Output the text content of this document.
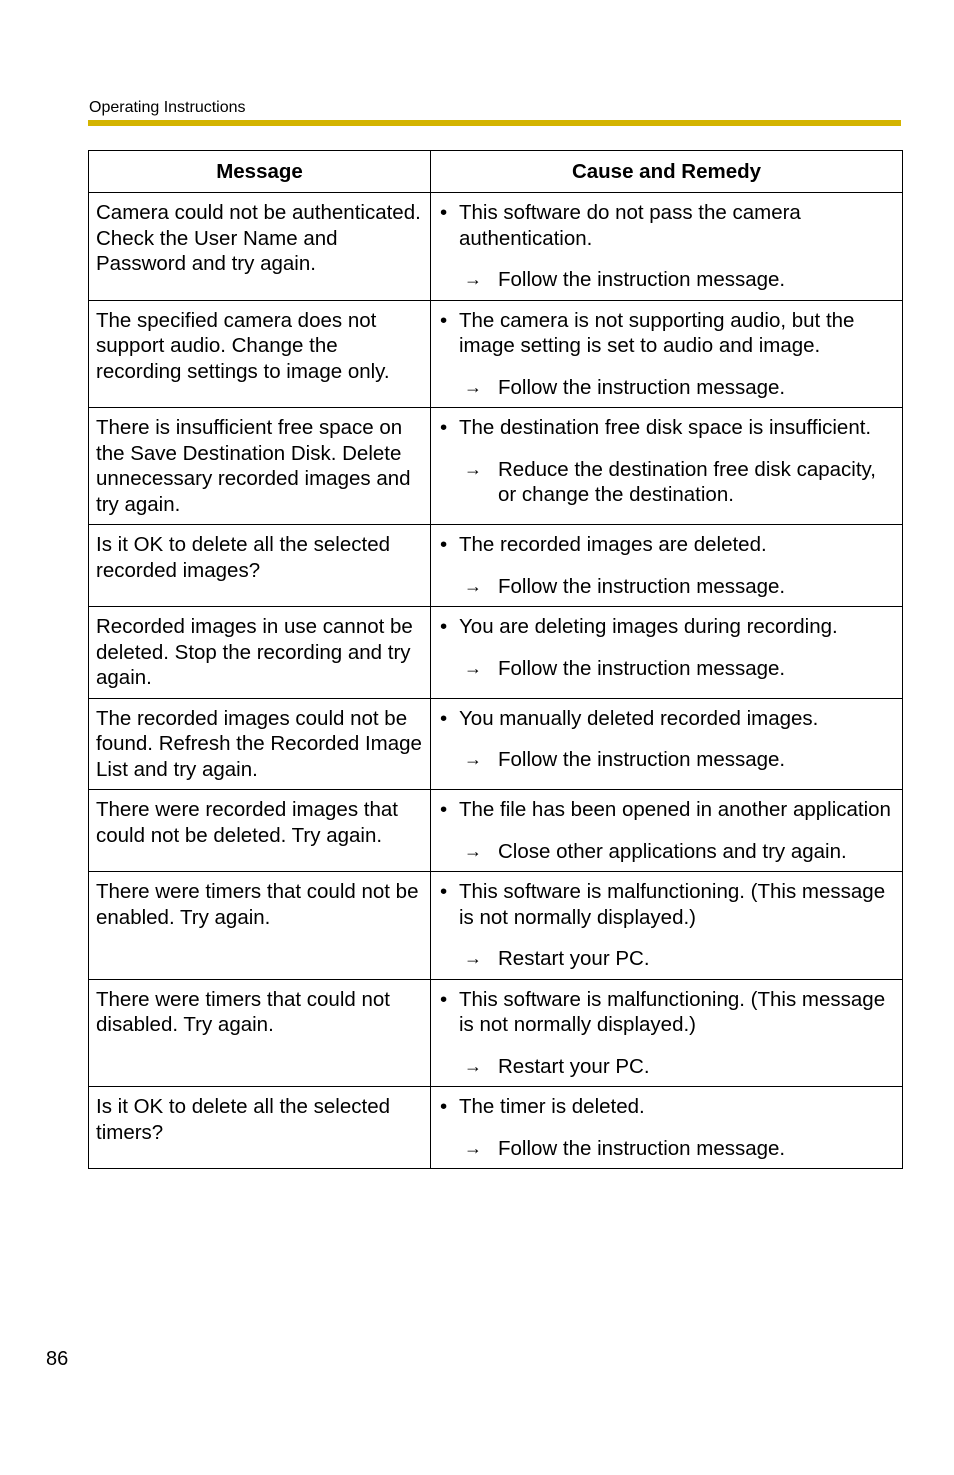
Operating Instructions
Message	Cause and Remedy
Camera could not be authenticated. Check the User Name and Password and try again.	• This software do not pass the camera authentication.
→ Follow the instruction message.

The specified camera does not support audio. Change the recording settings to image only.	• The camera is not supporting audio, but the image setting is set to audio and image.
→ Follow the instruction message.

There is insufficient free space on the Save Destination Disk. Delete unnecessary recorded images and try again.	• The destination free disk space is insufficient.
→ Reduce the destination free disk capacity, or change the destination.

Is it OK to delete all the selected recorded images?	• The recorded images are deleted.
→ Follow the instruction message.

Recorded images in use cannot be deleted. Stop the recording and try again.	• You are deleting images during recording.
→ Follow the instruction message.

The recorded images could not be found. Refresh the Recorded Image List and try again.	• You manually deleted recorded images.
→ Follow the instruction message.

There were recorded images that could not be deleted. Try again.	• The file has been opened in another application
→ Close other applications and try again.

There were timers that could not be enabled. Try again.	• This software is malfunctioning. (This message is not normally displayed.)
→ Restart your PC.

There were timers that could not disabled. Try again.	• This software is malfunctioning. (This message is not normally displayed.)
→ Restart your PC.

Is it OK to delete all the selected timers?	• The timer is deleted.
→ Follow the instruction message.
86
